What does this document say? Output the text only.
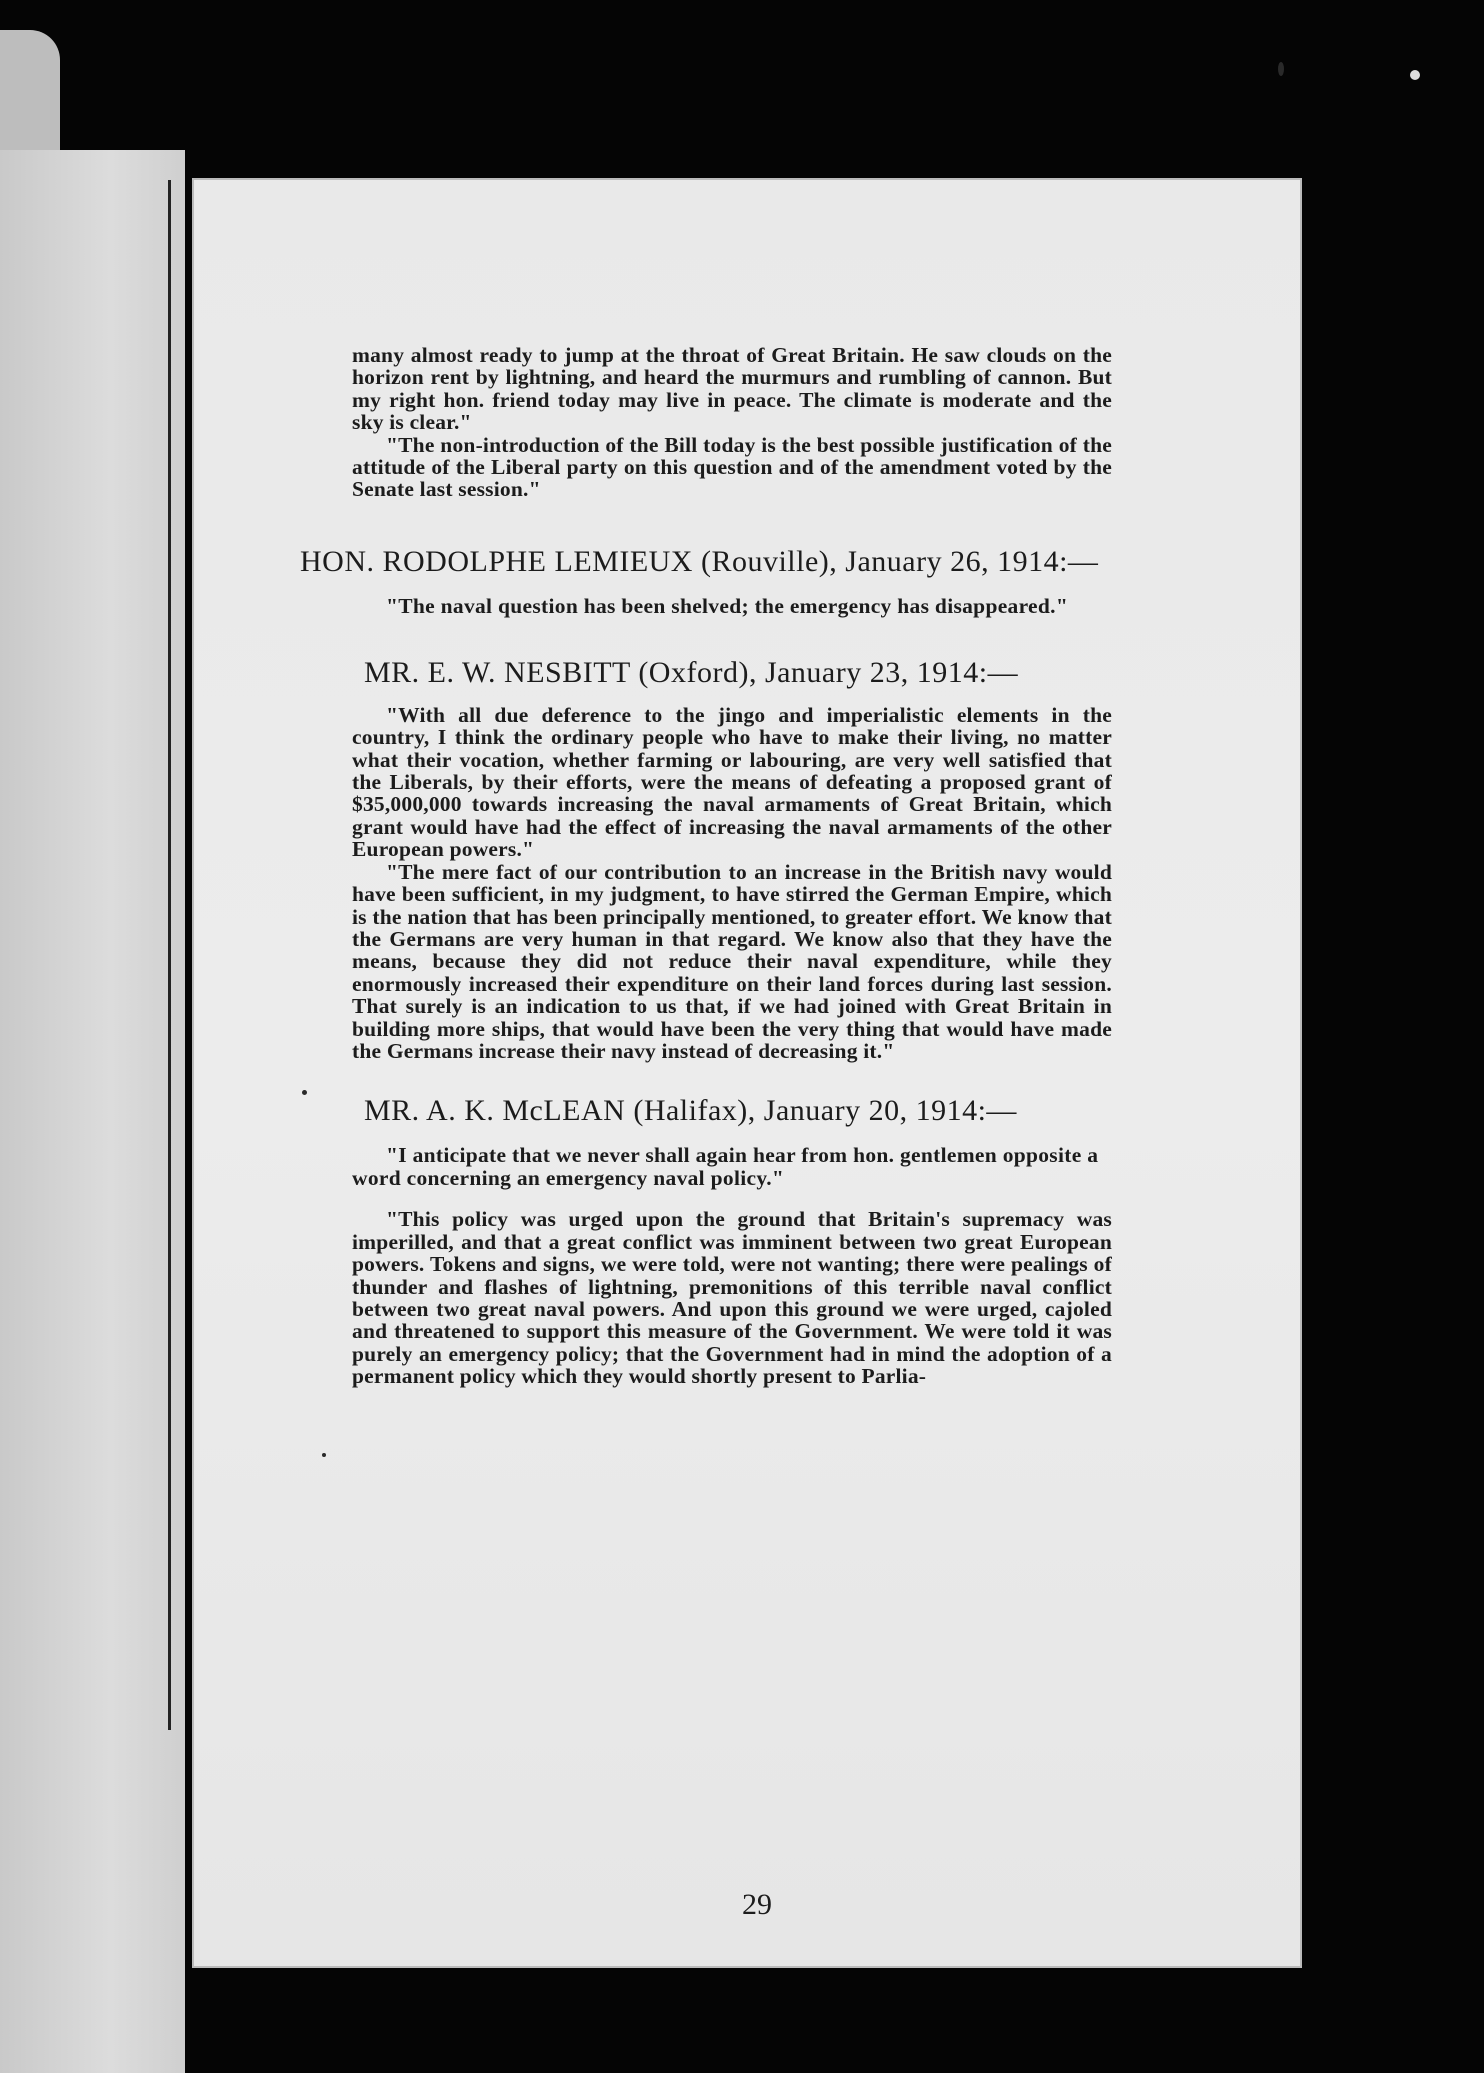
many almost ready to jump at the throat of Great Britain. He saw clouds on the horizon rent by lightning, and heard the murmurs and rumbling of cannon. But my right hon. friend today may live in peace. The climate is moderate and the sky is clear."

"The non-introduction of the Bill today is the best possible justification of the attitude of the Liberal party on this question and of the amendment voted by the Senate last session."

HON. RODOLPHE LEMIEUX (Rouville), January 26, 1914:—

"The naval question has been shelved; the emergency has disappeared."

MR. E. W. NESBITT (Oxford), January 23, 1914:—

"With all due deference to the jingo and imperialistic elements in the country, I think the ordinary people who have to make their living, no matter what their vocation, whether farming or labouring, are very well satisfied that the Liberals, by their efforts, were the means of defeating a proposed grant of $35,000,000 towards increasing the naval armaments of Great Britain, which grant would have had the effect of increasing the naval armaments of the other European powers."

"The mere fact of our contribution to an increase in the British navy would have been sufficient, in my judgment, to have stirred the German Empire, which is the nation that has been principally mentioned, to greater effort. We know that the Germans are very human in that regard. We know also that they have the means, because they did not reduce their naval expenditure, while they enormously increased their expenditure on their land forces during last session. That surely is an indication to us that, if we had joined with Great Britain in building more ships, that would have been the very thing that would have made the Germans increase their navy instead of decreasing it."

MR. A. K. McLEAN (Halifax), January 20, 1914:—

"I anticipate that we never shall again hear from hon. gentlemen opposite a word concerning an emergency naval policy."

"This policy was urged upon the ground that Britain's supremacy was imperilled, and that a great conflict was imminent between two great European powers. Tokens and signs, we were told, were not wanting; there were pealings of thunder and flashes of lightning, premonitions of this terrible naval conflict between two great naval powers. And upon this ground we were urged, cajoled and threatened to support this measure of the Government. We were told it was purely an emergency policy; that the Government had in mind the adoption of a permanent policy which they would shortly present to Parlia-

29
